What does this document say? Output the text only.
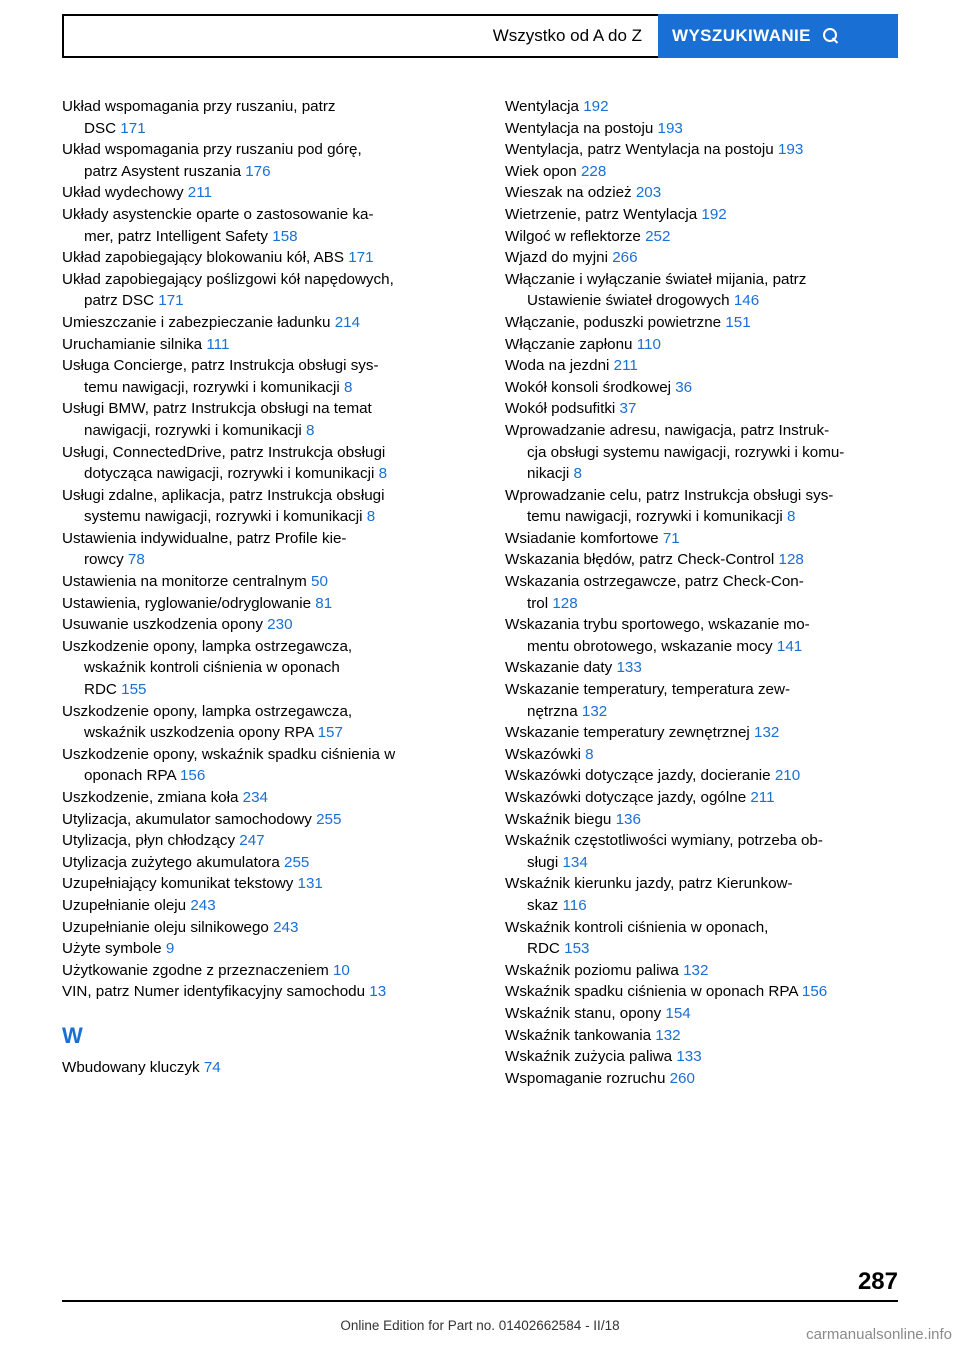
Wszystko od A do Z WYSZUKIWANIE
Układ wspomagania przy ruszaniu, patrz
DSC 171
Układ wspomagania przy ruszaniu pod górę,
patrz Asystent ruszania 176
Układ wydechowy 211
Układy asystenckie oparte o zastosowanie ka-
mer, patrz Intelligent Safety 158
Układ zapobiegający blokowaniu kół, ABS 171
Układ zapobiegający poślizgowi kół napędowych,
patrz DSC 171
Umieszczanie i zabezpieczanie ładunku 214
Uruchamianie silnika 111
Usługa Concierge, patrz Instrukcja obsługi sys-
temu nawigacji, rozrywki i komunikacji 8
Usługi BMW, patrz Instrukcja obsługi na temat
nawigacji, rozrywki i komunikacji 8
Usługi, ConnectedDrive, patrz Instrukcja obsługi
dotycząca nawigacji, rozrywki i komunikacji 8
Usługi zdalne, aplikacja, patrz Instrukcja obsługi
systemu nawigacji, rozrywki i komunikacji 8
Ustawienia indywidualne, patrz Profile kie-
rowcy 78
Ustawienia na monitorze centralnym 50
Ustawienia, ryglowanie/odryglowanie 81
Usuwanie uszkodzenia opony 230
Uszkodzenie opony, lampka ostrzegawcza,
wskaźnik kontroli ciśnienia w oponach
RDC 155
Uszkodzenie opony, lampka ostrzegawcza,
wskaźnik uszkodzenia opony RPA 157
Uszkodzenie opony, wskaźnik spadku ciśnienia w
oponach RPA 156
Uszkodzenie, zmiana koła 234
Utylizacja, akumulator samochodowy 255
Utylizacja, płyn chłodzący 247
Utylizacja zużytego akumulatora 255
Uzupełniający komunikat tekstowy 131
Uzupełnianie oleju 243
Uzupełnianie oleju silnikowego 243
Użyte symbole 9
Użytkowanie zgodne z przeznaczeniem 10
VIN, patrz Numer identyfikacyjny samochodu 13
W
Wbudowany kluczyk 74
Wentylacja 192
Wentylacja na postoju 193
Wentylacja, patrz Wentylacja na postoju 193
Wiek opon 228
Wieszak na odzież 203
Wietrzenie, patrz Wentylacja 192
Wilgoć w reflektorze 252
Wjazd do myjni 266
Włączanie i wyłączanie świateł mijania, patrz
Ustawienie świateł drogowych 146
Włączanie, poduszki powietrzne 151
Włączanie zapłonu 110
Woda na jezdni 211
Wokół konsoli środkowej 36
Wokół podsufitki 37
Wprowadzanie adresu, nawigacja, patrz Instruk-
cja obsługi systemu nawigacji, rozrywki i komu-
nikacji 8
Wprowadzanie celu, patrz Instrukcja obsługi sys-
temu nawigacji, rozrywki i komunikacji 8
Wsiadanie komfortowe 71
Wskazania błędów, patrz Check-Control 128
Wskazania ostrzegawcze, patrz Check-Con-
trol 128
Wskazania trybu sportowego, wskazanie mo-
mentu obrotowego, wskazanie mocy 141
Wskazanie daty 133
Wskazanie temperatury, temperatura zew-
nętrzna 132
Wskazanie temperatury zewnętrznej 132
Wskazówki 8
Wskazówki dotyczące jazdy, docieranie 210
Wskazówki dotyczące jazdy, ogólne 211
Wskaźnik biegu 136
Wskaźnik częstotliwości wymiany, potrzeba ob-
sługi 134
Wskaźnik kierunku jazdy, patrz Kierunkow-
skaz 116
Wskaźnik kontroli ciśnienia w oponach,
RDC 153
Wskaźnik poziomu paliwa 132
Wskaźnik spadku ciśnienia w oponach RPA 156
Wskaźnik stanu, opony 154
Wskaźnik tankowania 132
Wskaźnik zużycia paliwa 133
Wspomaganie rozruchu 260
287
Online Edition for Part no. 01402662584 - II/18
carmanualsonline.info
